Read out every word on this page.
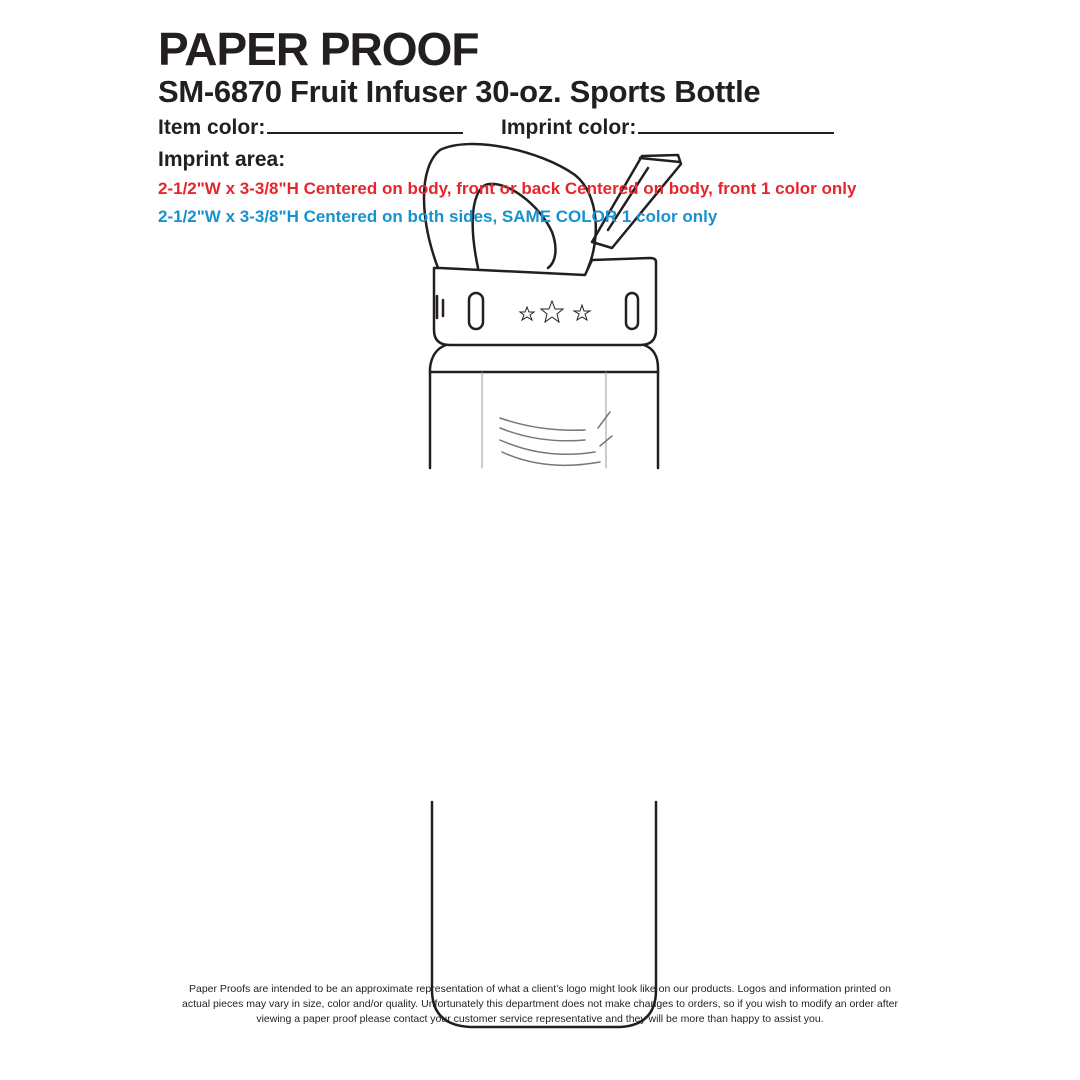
PAPER PROOF
SM-6870 Fruit Infuser 30-oz. Sports Bottle
Item color:	Imprint color:

Imprint area:

2-1/2"W x 3-3/8"H Centered on body, front or back Centered on body, front 1 color only

2-1/2"W x 3-3/8"H Centered on both sides, SAME COLOR 1 color only

Paper Proofs are intended to be an approximate representation of what a client’s logo might look like on our products. Logos and information printed on
actual pieces may vary in size, color and/or quality. Unfortunately this department does not make changes to orders, so if you wish to modify an order after
viewing a paper proof please contact your customer service representative and they will be more than happy to assist you.
